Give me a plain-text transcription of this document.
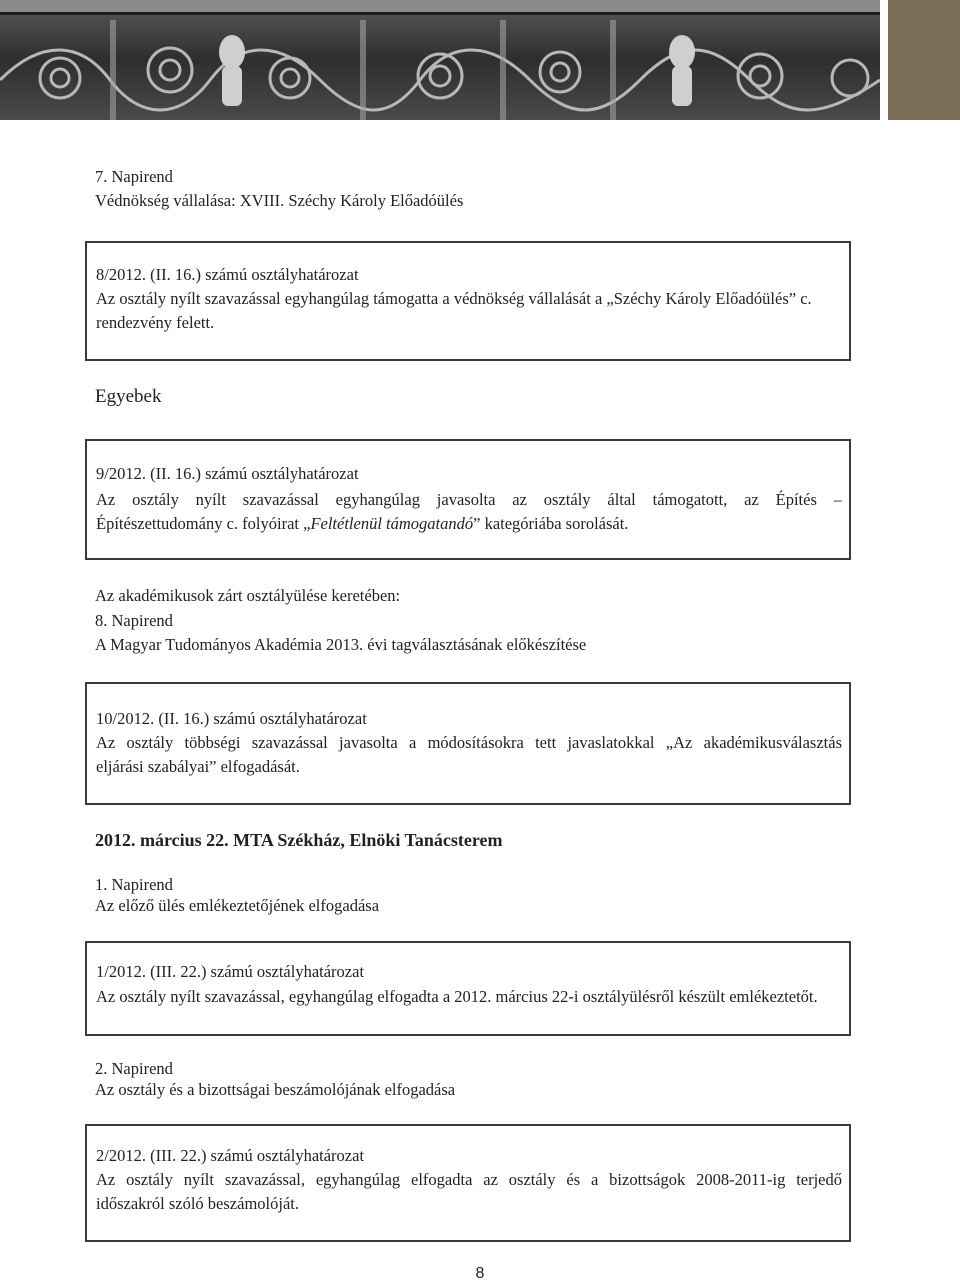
7. Napirend

Védnökség vállalása: XVIII. Széchy Károly Előadóülés

8/2012. (II. 16.) számú osztályhatározat

Az osztály nyílt szavazással egyhangúlag támogatta a védnökség vállalását a „Széchy Károly Előadóülés” c.

rendezvény felett.

Egyebek

9/2012. (II. 16.) számú osztályhatározat

Az osztály nyílt szavazással egyhangúlag javasolta az osztály által támogatott, az Építés –

Építészettudomány c. folyóirat „Feltétlenül támogatandó” kategóriába sorolását.

Az akadémikusok zárt osztályülése keretében:

8. Napirend

A Magyar Tudományos Akadémia 2013. évi tagválasztásának előkészítése

10/2012. (II. 16.) számú osztályhatározat

Az osztály többségi szavazással javasolta a módosításokra tett javaslatokkal „Az akadémikusválasztás

eljárási szabályai” elfogadását.

2012. március 22. MTA Székház, Elnöki Tanácsterem

1. Napirend

Az előző ülés emlékeztetőjének elfogadása

1/2012. (III. 22.) számú osztályhatározat

Az osztály nyílt szavazással, egyhangúlag elfogadta a 2012. március 22-i osztályülésről készült emlékeztetőt.

2. Napirend

Az osztály és a bizottságai beszámolójának elfogadása

2/2012. (III. 22.) számú osztályhatározat

Az osztály nyílt szavazással, egyhangúlag elfogadta az osztály és a bizottságok 2008-2011-ig terjedő

időszakról szóló beszámolóját.

8
